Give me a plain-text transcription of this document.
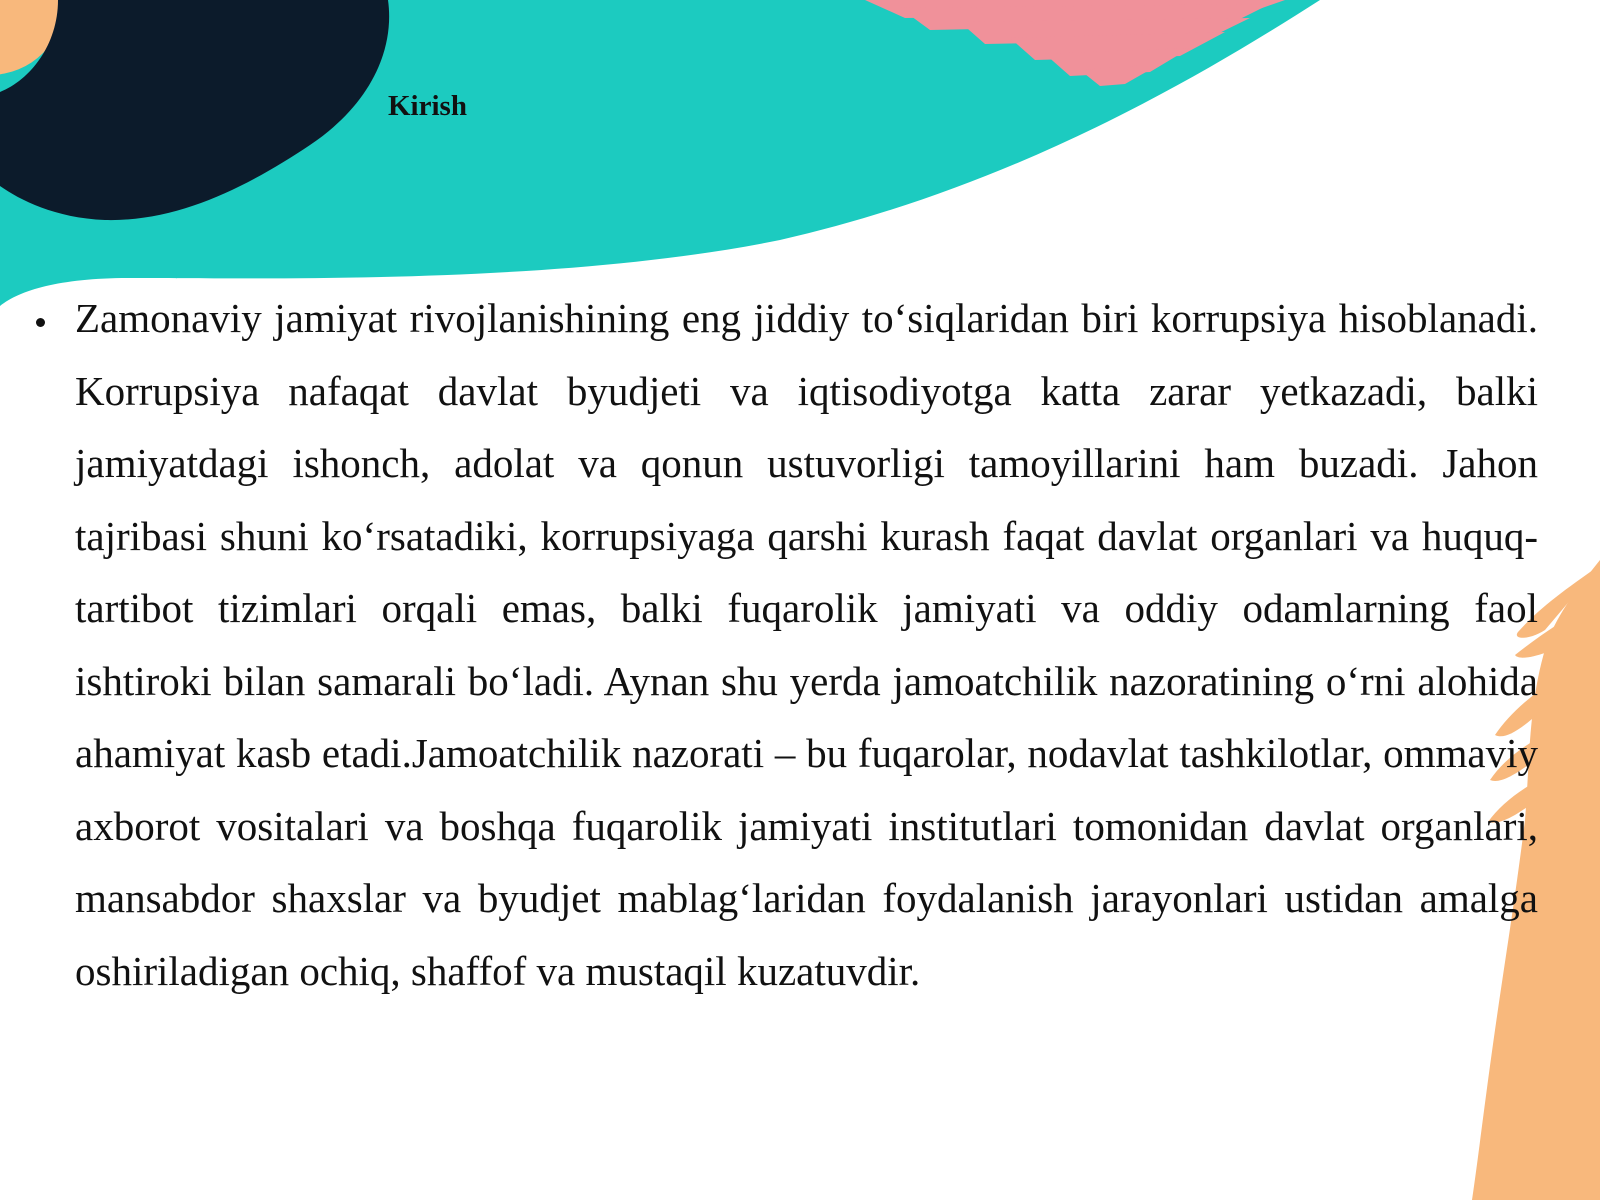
Kirish

Zamonaviy jamiyat rivojlanishining eng jiddiy to‘siqlaridan biri korrupsiya hisoblanadi. Korrupsiya nafaqat davlat byudjeti va iqtisodiyotga katta zarar yetkazadi, balki jamiyatdagi ishonch, adolat va qonun ustuvorligi tamoyillarini ham buzadi. Jahon tajribasi shuni ko‘rsatadiki, korrupsiyaga qarshi kurash faqat davlat organlari va huquq-tartibot tizimlari orqali emas, balki fuqarolik jamiyati va oddiy odamlarning faol ishtiroki bilan samarali bo‘ladi. Aynan shu yerda jamoatchilik nazoratining o‘rni alohida ahamiyat kasb etadi.Jamoatchilik nazorati – bu fuqarolar, nodavlat tashkilotlar, ommaviy axborot vositalari va boshqa fuqarolik jamiyati institutlari tomonidan davlat organlari, mansabdor shaxslar va byudjet mablag‘laridan foydalanish jarayonlari ustidan amalga oshiriladigan ochiq, shaffof va mustaqil kuzatuvdir.
